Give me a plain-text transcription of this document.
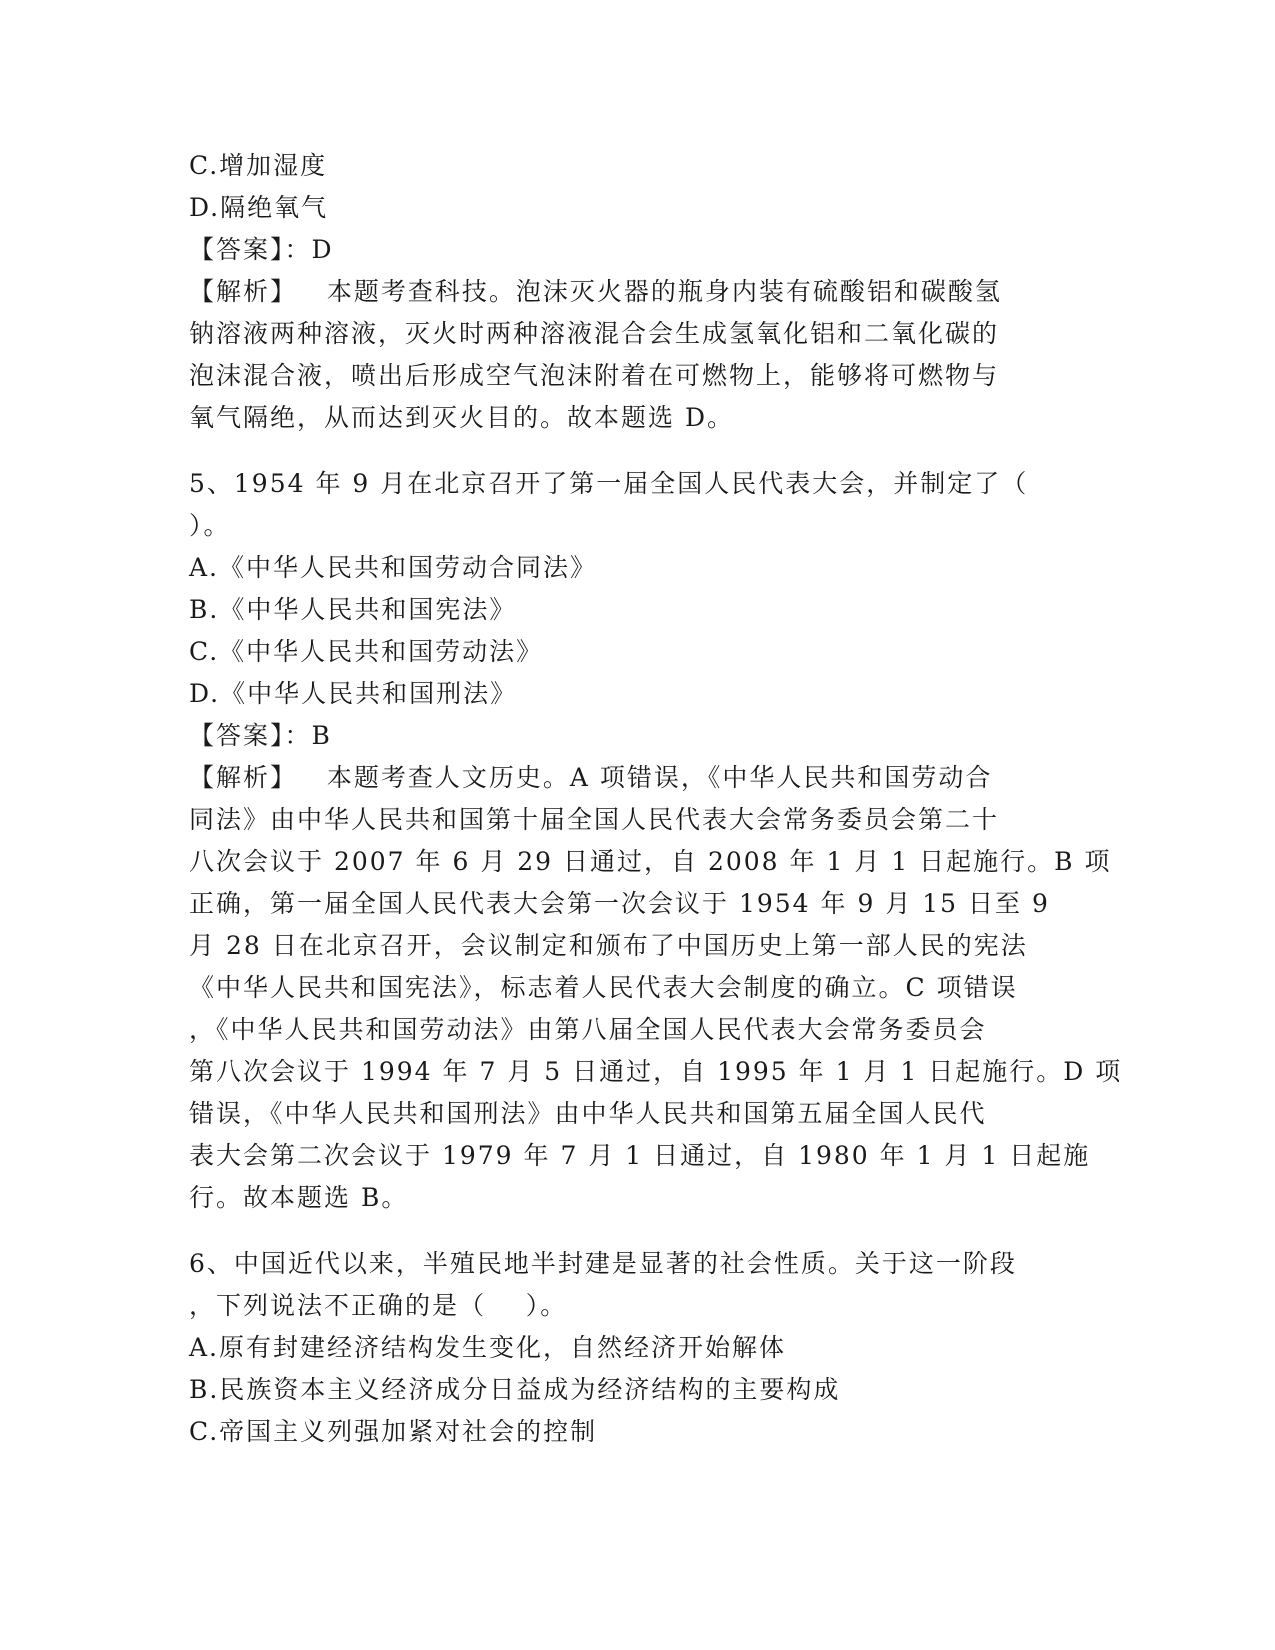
C.增加湿度
D.隔绝氧气
【答案】：D
【解析】   本题考查科技。泡沫灭火器的瓶身内装有硫酸铝和碳酸氢
钠溶液两种溶液，灭火时两种溶液混合会生成氢氧化铝和二氧化碳的
泡沫混合液，喷出后形成空气泡沫附着在可燃物上，能够将可燃物与
氧气隔绝，从而达到灭火目的。故本题选 D。
5、1954 年 9 月在北京召开了第一届全国人民代表大会，并制定了（
）。
A.《中华人民共和国劳动合同法》
B.《中华人民共和国宪法》
C.《中华人民共和国劳动法》
D.《中华人民共和国刑法》
【答案】：B
【解析】   本题考查人文历史。A 项错误，《中华人民共和国劳动合
同法》由中华人民共和国第十届全国人民代表大会常务委员会第二十
八次会议于 2007 年 6 月 29 日通过，自 2008 年 1 月 1 日起施行。B 项
正确，第一届全国人民代表大会第一次会议于 1954 年 9 月 15 日至 9
月 28 日在北京召开，会议制定和颁布了中国历史上第一部人民的宪法
《中华人民共和国宪法》，标志着人民代表大会制度的确立。C 项错误
，《中华人民共和国劳动法》由第八届全国人民代表大会常务委员会
第八次会议于 1994 年 7 月 5 日通过，自 1995 年 1 月 1 日起施行。D 项
错误，《中华人民共和国刑法》由中华人民共和国第五届全国人民代
表大会第二次会议于 1979 年 7 月 1 日通过，自 1980 年 1 月 1 日起施
行。故本题选 B。
6、中国近代以来，半殖民地半封建是显著的社会性质。关于这一阶段
，下列说法不正确的是（    ）。
A.原有封建经济结构发生变化，自然经济开始解体
B.民族资本主义经济成分日益成为经济结构的主要构成
C.帝国主义列强加紧对社会的控制
